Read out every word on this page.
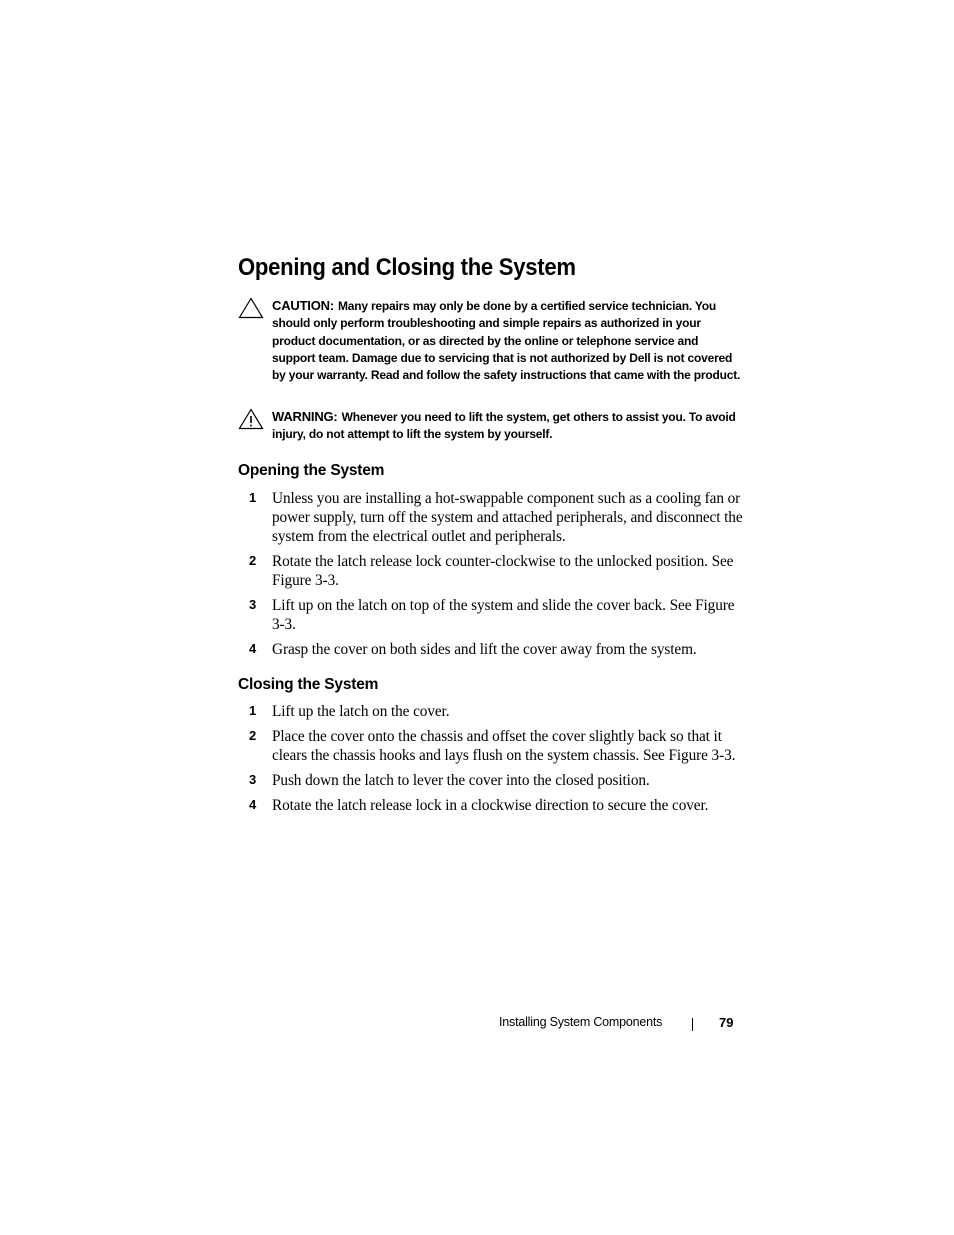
Opening and Closing the System
CAUTION: Many repairs may only be done by a certified service technician. You should only perform troubleshooting and simple repairs as authorized in your product documentation, or as directed by the online or telephone service and support team. Damage due to servicing that is not authorized by Dell is not covered by your warranty. Read and follow the safety instructions that came with the product.
WARNING: Whenever you need to lift the system, get others to assist you. To avoid injury, do not attempt to lift the system by yourself.
Opening the System
1 Unless you are installing a hot-swappable component such as a cooling fan or power supply, turn off the system and attached peripherals, and disconnect the system from the electrical outlet and peripherals.
2 Rotate the latch release lock counter-clockwise to the unlocked position. See Figure 3-3.
3 Lift up on the latch on top of the system and slide the cover back. See Figure 3-3.
4 Grasp the cover on both sides and lift the cover away from the system.
Closing the System
1 Lift up the latch on the cover.
2 Place the cover onto the chassis and offset the cover slightly back so that it clears the chassis hooks and lays flush on the system chassis. See Figure 3-3.
3 Push down the latch to lever the cover into the closed position.
4 Rotate the latch release lock in a clockwise direction to secure the cover.
Installing System Components	79
